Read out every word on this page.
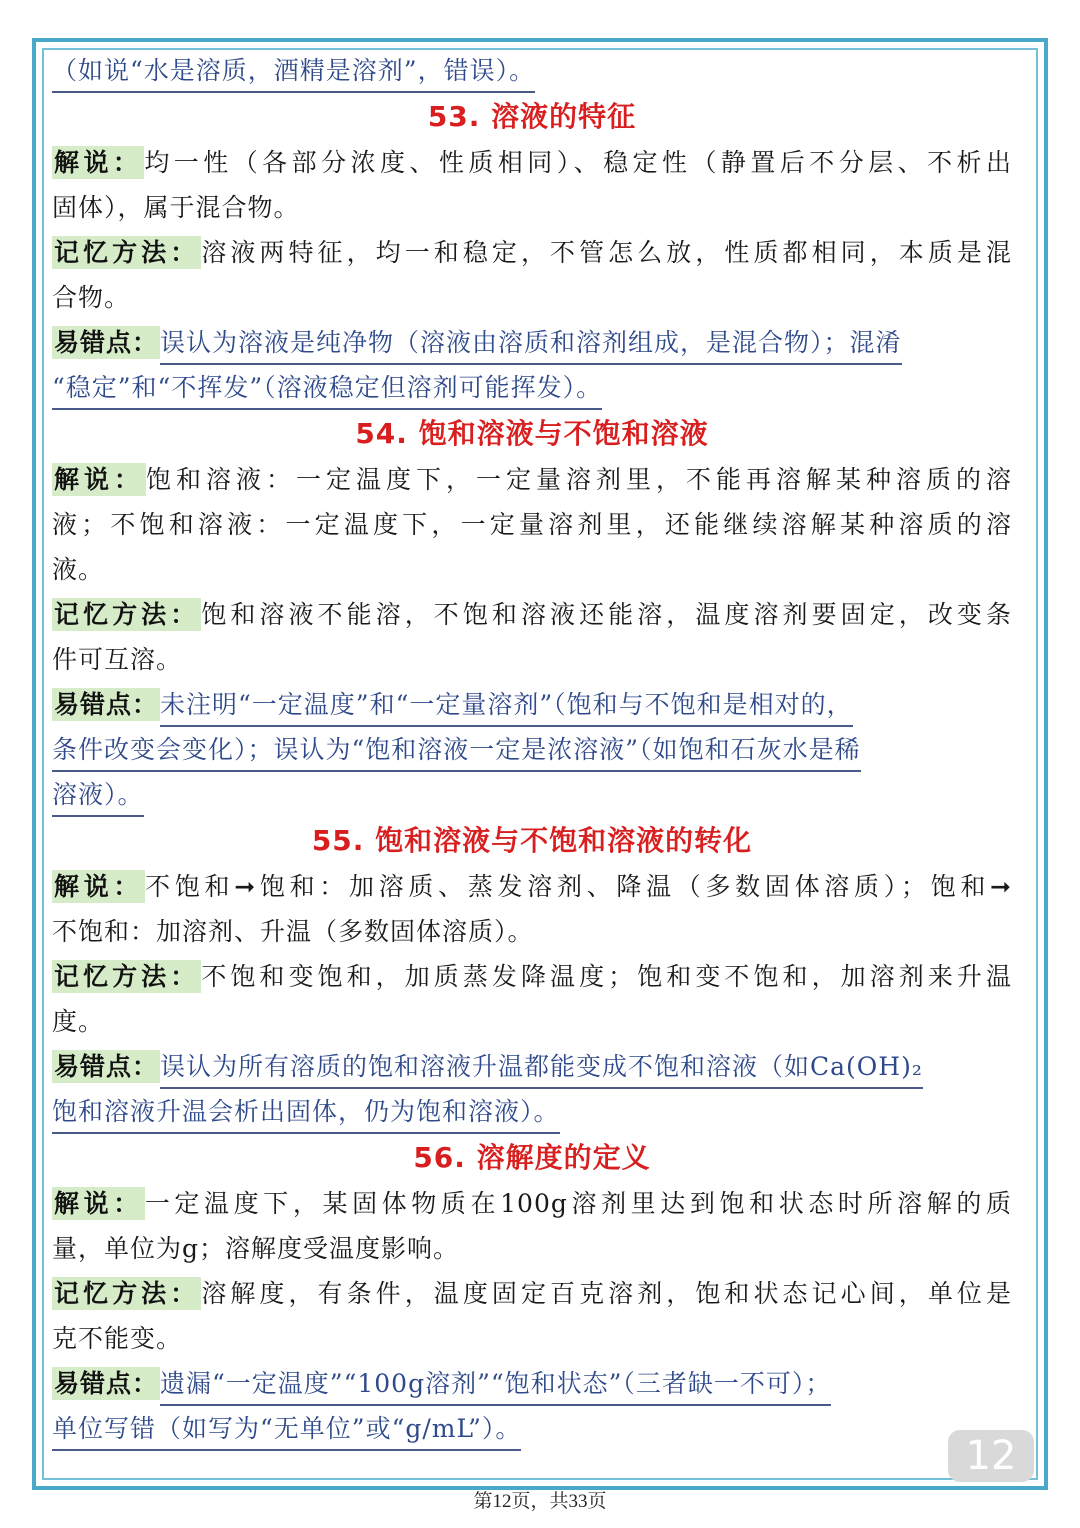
（如说“水是溶质，酒精是溶剂”，错误）。
53. 溶液的特征
解说：均一性（各部分浓度、性质相同）、稳定性（静置后不分层、不析出
固体），属于混合物。
记忆方法：溶液两特征，均一和稳定，不管怎么放，性质都相同，本质是混
合物。
易错点：误认为溶液是纯净物（溶液由溶质和溶剂组成，是混合物）；混淆
“稳定”和“不挥发”（溶液稳定但溶剂可能挥发）。
54. 饱和溶液与不饱和溶液
解说：饱和溶液：一定温度下，一定量溶剂里，不能再溶解某种溶质的溶
液；不饱和溶液：一定温度下，一定量溶剂里，还能继续溶解某种溶质的溶
液。
记忆方法：饱和溶液不能溶，不饱和溶液还能溶，温度溶剂要固定，改变条
件可互溶。
易错点：未注明“一定温度”和“一定量溶剂”（饱和与不饱和是相对的，
条件改变会变化）；误认为“饱和溶液一定是浓溶液”（如饱和石灰水是稀
溶液）。
55. 饱和溶液与不饱和溶液的转化
解说：不饱和➞饱和：加溶质、蒸发溶剂、降温（多数固体溶质）；饱和➞
不饱和：加溶剂、升温（多数固体溶质）。
记忆方法：不饱和变饱和，加质蒸发降温度；饱和变不饱和，加溶剂来升温
度。
易错点：误认为所有溶质的饱和溶液升温都能变成不饱和溶液（如Ca(OH)₂
饱和溶液升温会析出固体，仍为饱和溶液）。
56. 溶解度的定义
解说：一定温度下，某固体物质在100g溶剂里达到饱和状态时所溶解的质
量，单位为g；溶解度受温度影响。
记忆方法：溶解度，有条件，温度固定百克溶剂，饱和状态记心间，单位是
克不能变。
易错点：遗漏“一定温度”“100g溶剂”“饱和状态”（三者缺一不可）；
单位写错（如写为“无单位”或“g/mL”）。
12
第12页，共33页
